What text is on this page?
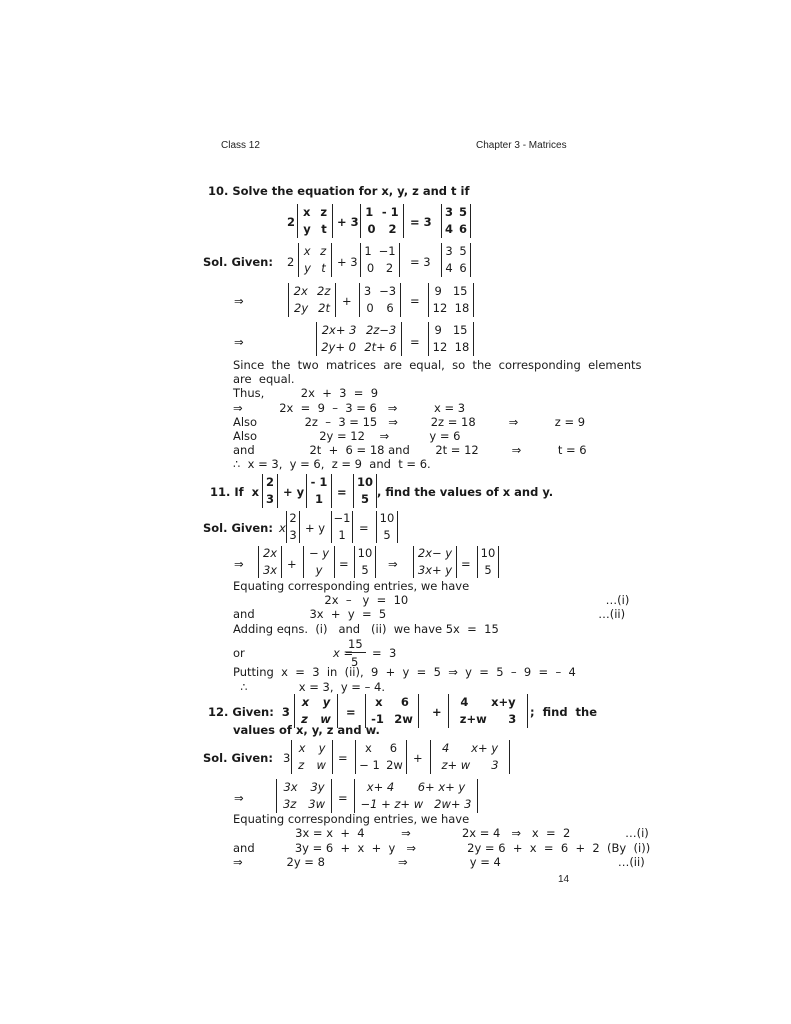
Class 12	Chapter 3 - Matrices
10. Solve the equation for x, y, z and t if
2
x z
y t + 3
1 - 1
0 2 = 3
3 5
4 6
Sol. Given: 2
x z
y t + 3
1 −1
0 2 = 3
3 5
4 6
⇒
2x 2z
2y 2t +
3 −3
0 6 =
9 15
12 18
⇒
2x+ 3 2z−3
2y+ 0 2t+ 6 =
9 15
12 18
Since  the  two  matrices  are  equal,  so  the  corresponding  elements
are  equal.
Thus,          2x  +  3  =  9
⇒          2x  =  9  –  3 = 6   ⇒          x = 3
Also             2z  –  3 = 15   ⇒         2z = 18         ⇒          z = 9
Also                 2y = 12    ⇒           y = 6
and               2t  +  6 = 18 and       2t = 12         ⇒          t = 6
∴  x = 3,  y = 6,  z = 9  and  t = 6.
11. If  x
2
3 + y
- 1
1 =
10
5 , find the values of x and y.
Sol. Given: x
2
3 + y
−1
1 =
10
5
⇒
2x
3x +
− y
y =
10
5 ⇒
2x− y
3x+ y =
10
5
Equating corresponding entries, we have
2x  –   y  =  10                                                      …(i)
and               3x  +  y  =  5                                                          …(ii)
Adding eqns.  (i)   and   (ii)  we have 5x  =  15
or	x =
15
5
=  3
Putting  x  =  3  in  (ii),  9  +  y  =  5  ⇒  y  =  5  –  9  =  –  4
∴              x = 3,  y = – 4.
12. Given:  3
x y
z w =
x 6
-1 2w +
4 x+y
z+w 3 ;  find  the
values of x, y, z and w.
Sol. Given: 3
x y
z w =
x 6
− 1 2w +
4 x+ y
z+ w 3
⇒
3x 3y
3z 3w =
x+ 4 6+ x+ y
−1 + z+ w 2w+ 3
Equating corresponding entries, we have
3x = x  +  4          ⇒              2x = 4   ⇒   x  =  2               …(i)
and           3y = 6  +  x  +  y   ⇒              2y = 6  +  x  =  6  +  2  (By  (i))
⇒            2y = 8                    ⇒                 y = 4                                …(ii)
14
